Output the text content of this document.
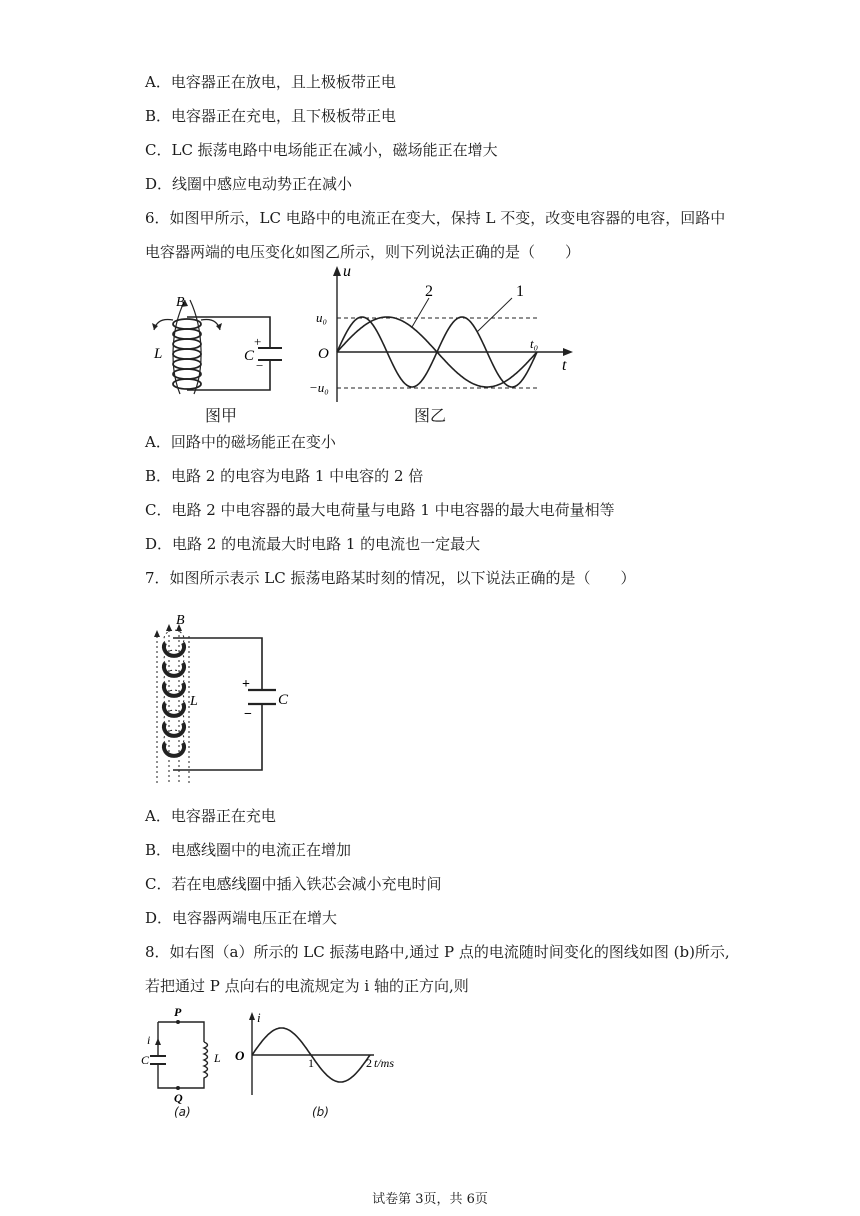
A．电容器正在放电，且上极板带正电
B．电容器正在充电，且下极板带正电
C．LC 振荡电路中电场能正在减小，磁场能正在增大
D．线圈中感应电动势正在减小
6．如图甲所示，LC 电路中的电流正在变大，保持 L 不变，改变电容器的电容，回路中
电容器两端的电压变化如图乙所示，则下列说法正确的是（　　）
B
L	C
+
−
图甲
u
t
O
u₀
−u₀
t₀
2	1
图乙
A．回路中的磁场能正在变小
B．电路 2 的电容为电路 1 中电容的 2 倍
C．电路 2 中电容器的最大电荷量与电路 1 中电容器的最大电荷量相等
D．电路 2 的电流最大时电路 1 的电流也一定最大
7．如图所示表示 LC 振荡电路某时刻的情况，以下说法正确的是（　　）
B
L	C
+
−
A．电容器正在充电
B．电感线圈中的电流正在增加
C．若在电感线圈中插入铁芯会减小充电时间
D．电容器两端电压正在增大
8．如右图（a）所示的 LC 振荡电路中,通过 P 点的电流随时间变化的图线如图 (b)所示,
若把通过 P 点向右的电流规定为 i 轴的正方向,则
P
Q
i
C	L
(a)
i
O	1	2 t/ms
(b)
试卷第 3页，共 6页
